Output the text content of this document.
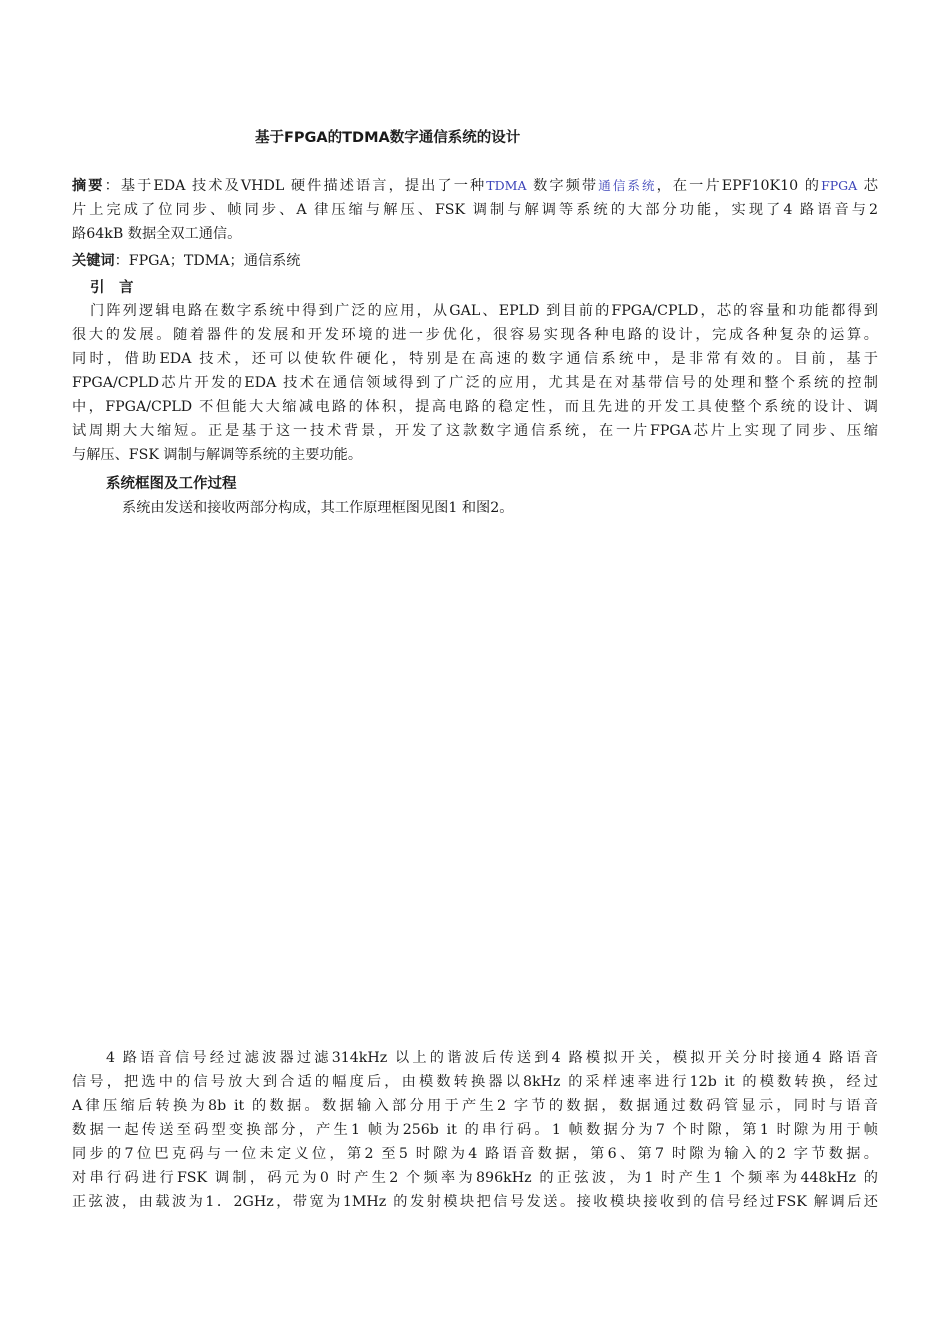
基于FPGA的TDMA数字通信系统的设计
摘要：基于EDA 技术及VHDL 硬件描述语言，提出了一种TDMA 数字频带通信系统，在一片EPF10K10 的FPGA 芯
片上完成了位同步、帧同步、A 律压缩与解压、FSK 调制与解调等系统的大部分功能，实现了4 路语音与2
路64kB 数据全双工通信。
关键词：FPGA；TDMA；通信系统
引　言
门阵列逻辑电路在数字系统中得到广泛的应用，从GAL、EPLD 到目前的FPGA/CPLD，芯的容量和功能都得到
很大的发展。随着器件的发展和开发环境的进一步优化，很容易实现各种电路的设计，完成各种复杂的运算。
同时，借助EDA 技术，还可以使软件硬化，特别是在高速的数字通信系统中，是非常有效的。目前，基于
FPGA/CPLD芯片开发的EDA 技术在通信领域得到了广泛的应用，尤其是在对基带信号的处理和整个系统的控制
中，FPGA/CPLD 不但能大大缩减电路的体积，提高电路的稳定性，而且先进的开发工具使整个系统的设计、调
试周期大大缩短。正是基于这一技术背景，开发了这款数字通信系统，在一片FPGA芯片上实现了同步、压缩
与解压、FSK 调制与解调等系统的主要功能。
系统框图及工作过程
系统由发送和接收两部分构成，其工作原理框图见图1 和图2。
4 路语音信号经过滤波器过滤314kHz 以上的谐波后传送到4 路模拟开关，模拟开关分时接通4 路语音
信号，把选中的信号放大到合适的幅度后，由模数转换器以8kHz 的采样速率进行12b it 的模数转换，经过
A律压缩后转换为8b it 的数据。数据输入部分用于产生2 字节的数据，数据通过数码管显示，同时与语音
数据一起传送至码型变换部分，产生1 帧为256b it 的串行码。1 帧数据分为7 个时隙，第1 时隙为用于帧
同步的7位巴克码与一位未定义位，第2 至5 时隙为4 路语音数据，第6、第7 时隙为输入的2 字节数据。
对串行码进行FSK 调制，码元为0 时产生2 个频率为896kHz 的正弦波，为1 时产生1 个频率为448kHz 的
正弦波，由载波为1．2GHz，带宽为1MHz 的发射模块把信号发送。接收模块接收到的信号经过FSK 解调后还
